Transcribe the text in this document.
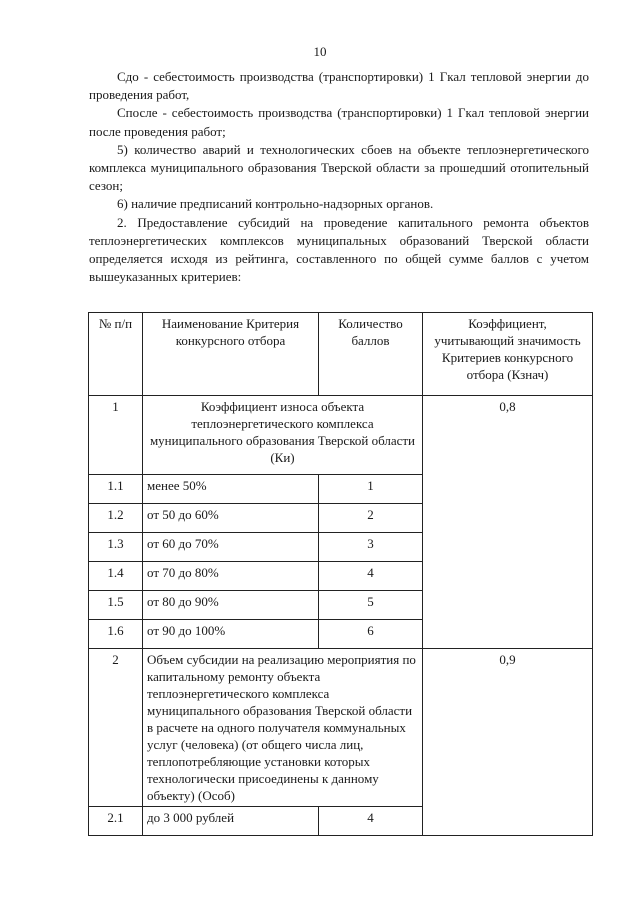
10

Сдо - себестоимость производства (транспортировки) 1 Гкал тепловой энергии до проведения работ,

Спосле - себестоимость производства (транспортировки) 1 Гкал тепловой энергии после проведения работ;

5) количество аварий и технологических сбоев на объекте теплоэнергетического комплекса муниципального образования Тверской области за прошедший отопительный сезон;

6) наличие предписаний контрольно-надзорных органов.

2. Предоставление субсидий на проведение капитального ремонта объектов теплоэнергетических комплексов муниципальных образований Тверской области определяется исходя из рейтинга, составленного по общей сумме баллов с учетом вышеуказанных критериев:

№ п/п	Наименование Критерия конкурсного отбора	Количество баллов	Коэффициент, учитывающий значимость Критериев конкурсного отбора (Кзнач)
1	Коэффициент износа объекта теплоэнергетического комплекса муниципального образования Тверской области (Ки)		0,8
1.1	менее 50%	1	
1.2	от 50 до 60%	2	
1.3	от 60 до 70%	3	
1.4	от 70 до 80%	4	
1.5	от 80 до 90%	5	
1.6	от 90 до 100%	6	
2	Объем субсидии на реализацию мероприятия по капитальному ремонту объекта теплоэнергетического комплекса муниципального образования Тверской области в расчете на одного получателя коммунальных услуг (человека) (от общего числа лиц, теплопотребляющие установки которых технологически присоединены к данному объекту) (Особ)		0,9
2.1	до 3 000 рублей	4	
